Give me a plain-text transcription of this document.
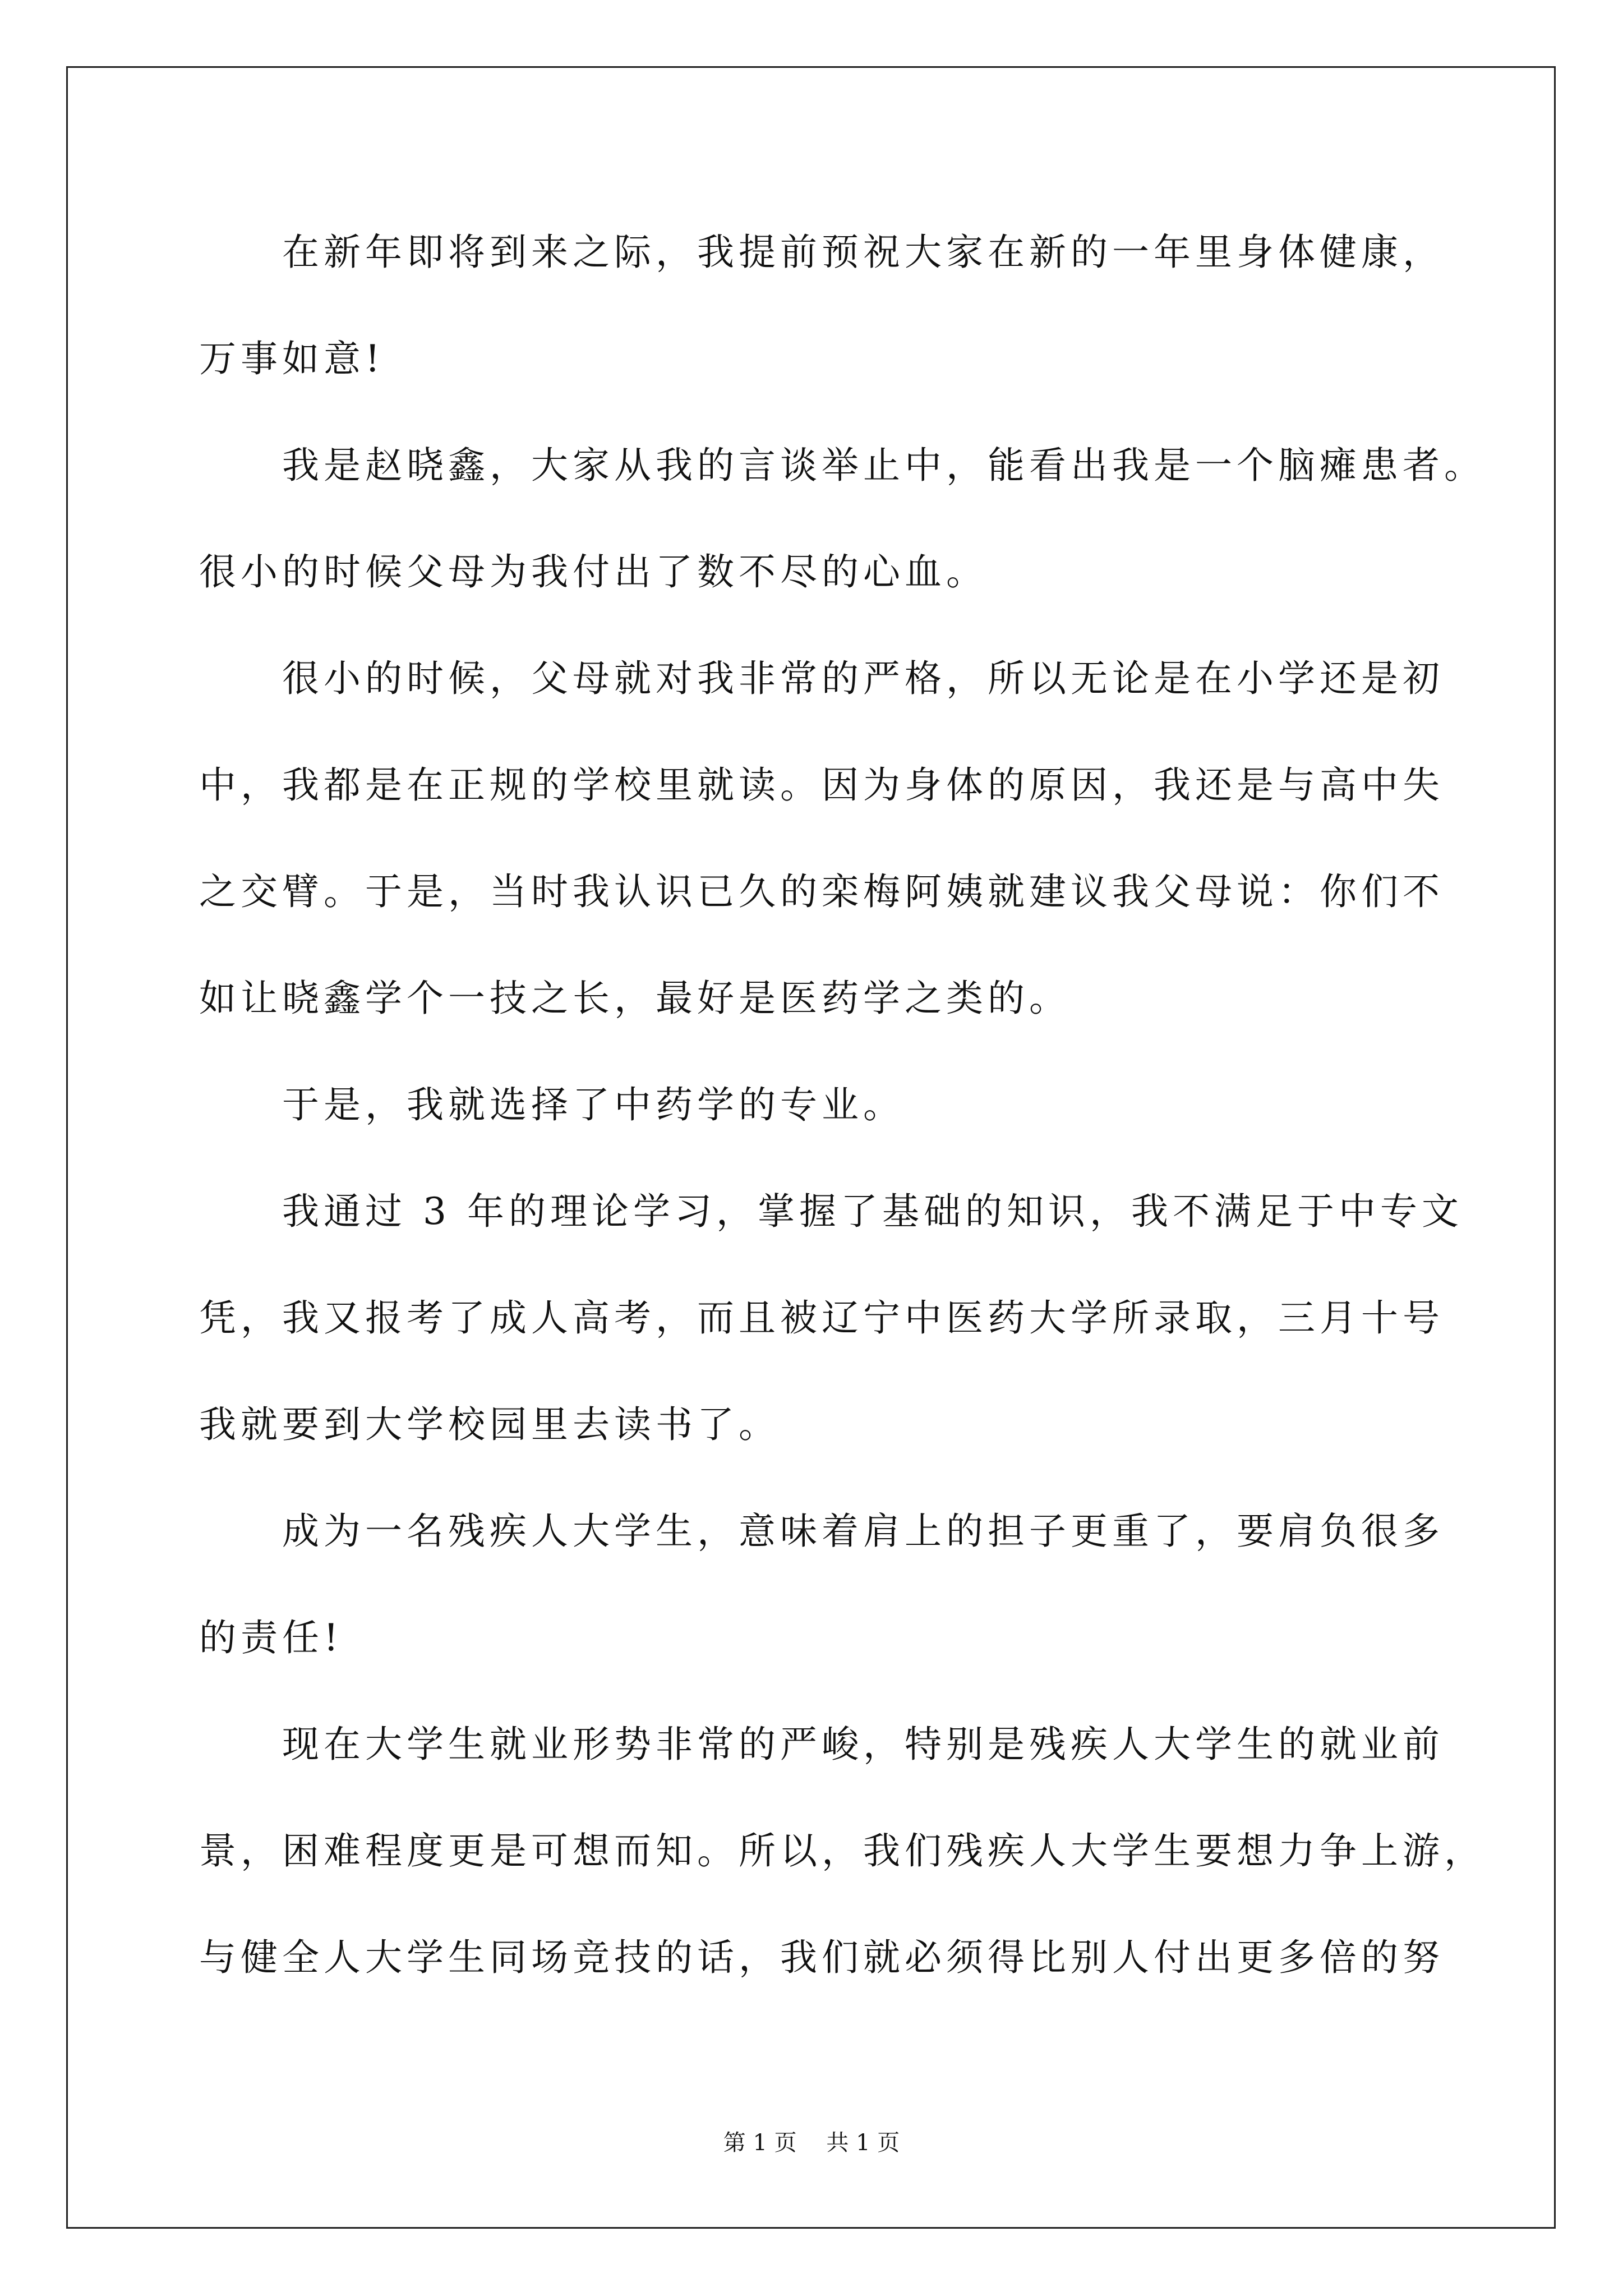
在新年即将到来之际，我提前预祝大家在新的一年里身体健康，
万事如意!
我是赵晓鑫，大家从我的言谈举止中，能看出我是一个脑瘫患者。
很小的时候父母为我付出了数不尽的心血。
很小的时候，父母就对我非常的严格，所以无论是在小学还是初
中，我都是在正规的学校里就读。因为身体的原因，我还是与高中失
之交臂。于是，当时我认识已久的栾梅阿姨就建议我父母说：你们不
如让晓鑫学个一技之长，最好是医药学之类的。
于是，我就选择了中药学的专业。
我通过 3 年的理论学习，掌握了基础的知识，我不满足于中专文
凭，我又报考了成人高考，而且被辽宁中医药大学所录取，三月十号
我就要到大学校园里去读书了。
成为一名残疾人大学生，意味着肩上的担子更重了，要肩负很多
的责任!
现在大学生就业形势非常的严峻，特别是残疾人大学生的就业前
景，困难程度更是可想而知。所以，我们残疾人大学生要想力争上游，
与健全人大学生同场竞技的话，我们就必须得比别人付出更多倍的努
第 1 页 共 1 页
